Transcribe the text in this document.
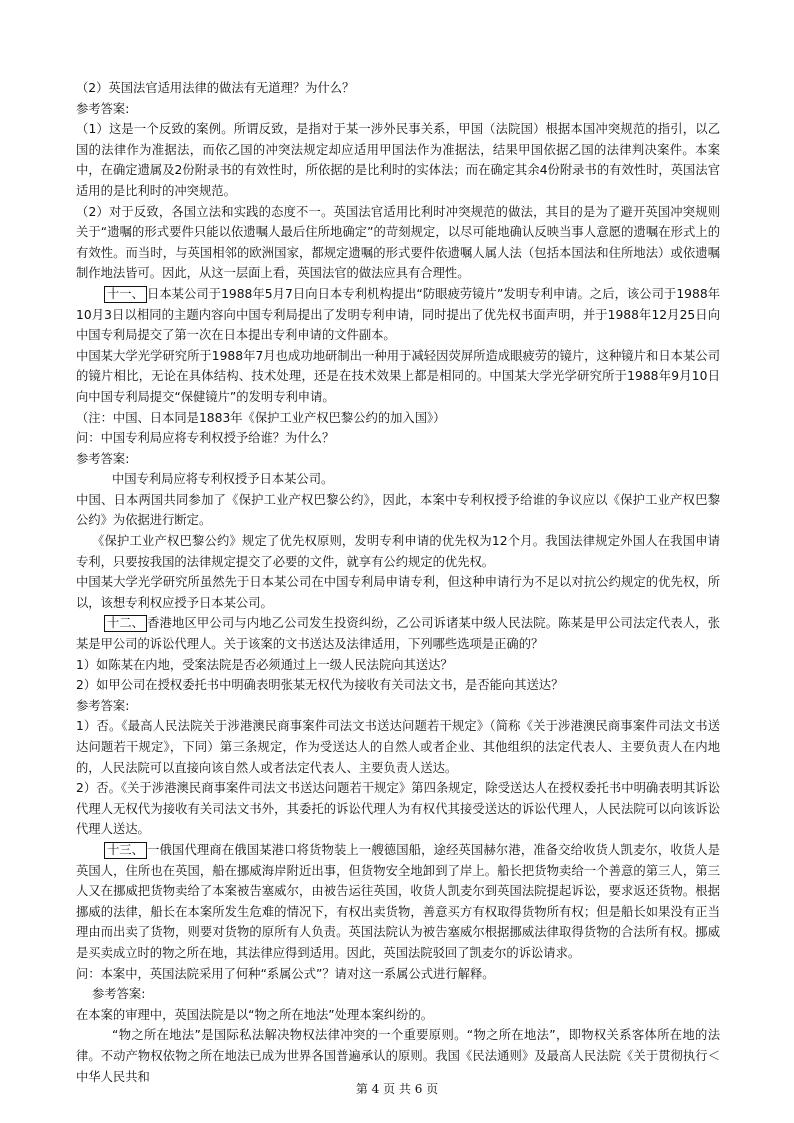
（2）英国法官适用法律的做法有无道理？为什么？

参考答案:

（1）这是一个反致的案例。所谓反致，是指对于某一涉外民事关系，甲国（法院国）根据本国冲突规范的指引，以乙国的法律作为准据法，而依乙国的冲突法规定却应适用甲国法作为准据法，结果甲国依据乙国的法律判决案件。本案中，在确定遗属及2份附录书的有效性时，所依据的是比利时的实体法；而在确定其余4份附录书的有效性时，英国法官适用的是比利时的冲突规范。

（2）对于反致，各国立法和实践的态度不一。英国法官适用比利时冲突规范的做法，其目的是为了避开英国冲突规则关于“遗嘱的形式要件只能以依遗嘱人最后住所地确定”的苛刻规定，以尽可能地确认反映当事人意愿的遗嘱在形式上的有效性。而当时，与英国相邻的欧洲国家，都规定遗嘱的形式要件依遗嘱人属人法（包括本国法和住所地法）或依遗嘱制作地法皆可。因此，从这一层面上看，英国法官的做法应具有合理性。

十一、 日本某公司于1988年5月7日向日本专利机构提出“防眼疲劳镜片”发明专利申请。之后，该公司于1988年10月3日以相同的主题内容向中国专利局提出了发明专利申请，同时提出了优先权书面声明，并于1988年12月25日向中国专利局提交了第一次在日本提出专利申请的文件副本。

中国某大学光学研究所于1988年7月也成功地研制出一种用于减轻因荧屏所造成眼疲劳的镜片，这种镜片和日本某公司的镜片相比，无论在具体结构、技术处理，还是在技术效果上都是相同的。中国某大学光学研究所于1988年9月10日向中国专利局提交“保健镜片”的发明专利申请。

（注：中国、日本同是1883年《保护工业产权巴黎公约的加入国》）

问：中国专利局应将专利权授予给谁？为什么？

参考答案:

中国专利局应将专利权授予日本某公司。

中国、日本两国共同参加了《保护工业产权巴黎公约》，因此，本案中专利权授予给谁的争议应以《保护工业产权巴黎公约》为依据进行断定。

《保护工业产权巴黎公约》规定了优先权原则，发明专利申请的优先权为12个月。我国法律规定外国人在我国申请专利，只要按我国的法律规定提交了必要的文件，就享有公约规定的优先权。

中国某大学光学研究所虽然先于日本某公司在中国专利局申请专利，但这种申请行为不足以对抗公约规定的优先权，所以，该想专利权应授予日本某公司。

十二、 香港地区甲公司与内地乙公司发生投资纠纷，乙公司诉诸某中级人民法院。陈某是甲公司法定代表人，张某是甲公司的诉讼代理人。关于该案的文书送达及法律适用，下列哪些选项是正确的？

1）如陈某在内地，受案法院是否必须通过上一级人民法院向其送达？

2）如甲公司在授权委托书中明确表明张某无权代为接收有关司法文书，是否能向其送达？

参考答案:

1）否。《最高人民法院关于涉港澳民商事案件司法文书送达问题若干规定》（简称《关于涉港澳民商事案件司法文书送达问题若干规定》，下同）第三条规定，作为受送达人的自然人或者企业、其他组织的法定代表人、主要负责人在内地的，人民法院可以直接向该自然人或者法定代表人、主要负责人送达。

2）否。《关于涉港澳民商事案件司法文书送达问题若干规定》第四条规定，除受送达人在授权委托书中明确表明其诉讼代理人无权代为接收有关司法文书外，其委托的诉讼代理人为有权代其接受送达的诉讼代理人，人民法院可以向该诉讼代理人送达。

十三、 一俄国代理商在俄国某港口将货物装上一艘德国船，途经英国赫尔港，准备交给收货人凯麦尔，收货人是英国人，住所也在英国，船在挪威海岸附近出事，但货物安全地卸到了岸上。船长把货物卖给一个善意的第三人，第三人又在挪威把货物卖给了本案被告塞威尔，由被告运往英国，收货人凯麦尔到英国法院提起诉讼，要求返还货物。根据挪威的法律，船长在本案所发生危难的情况下，有权出卖货物，善意买方有权取得货物所有权；但是船长如果没有正当理由而出卖了货物，则要对货物的原所有人负责。英国法院认为被告塞威尔根据挪威法律取得货物的合法所有权。挪威是买卖成立时的物之所在地，其法律应得到适用。因此，英国法院驳回了凯麦尔的诉讼请求。

问：本案中，英国法院采用了何种“系属公式”？请对这一系属公式进行解释。

参考答案:

在本案的审理中，英国法院是以“物之所在地法”处理本案纠纷的。

“物之所在地法”是国际私法解决物权法律冲突的一个重要原则。“物之所在地法”，即物权关系客体所在地的法律。不动产物权依物之所在地法已成为世界各国普遍承认的原则。我国《民法通则》及最高人民法院《关于贯彻执行＜中华人民共和

第 4 页 共 6 页
